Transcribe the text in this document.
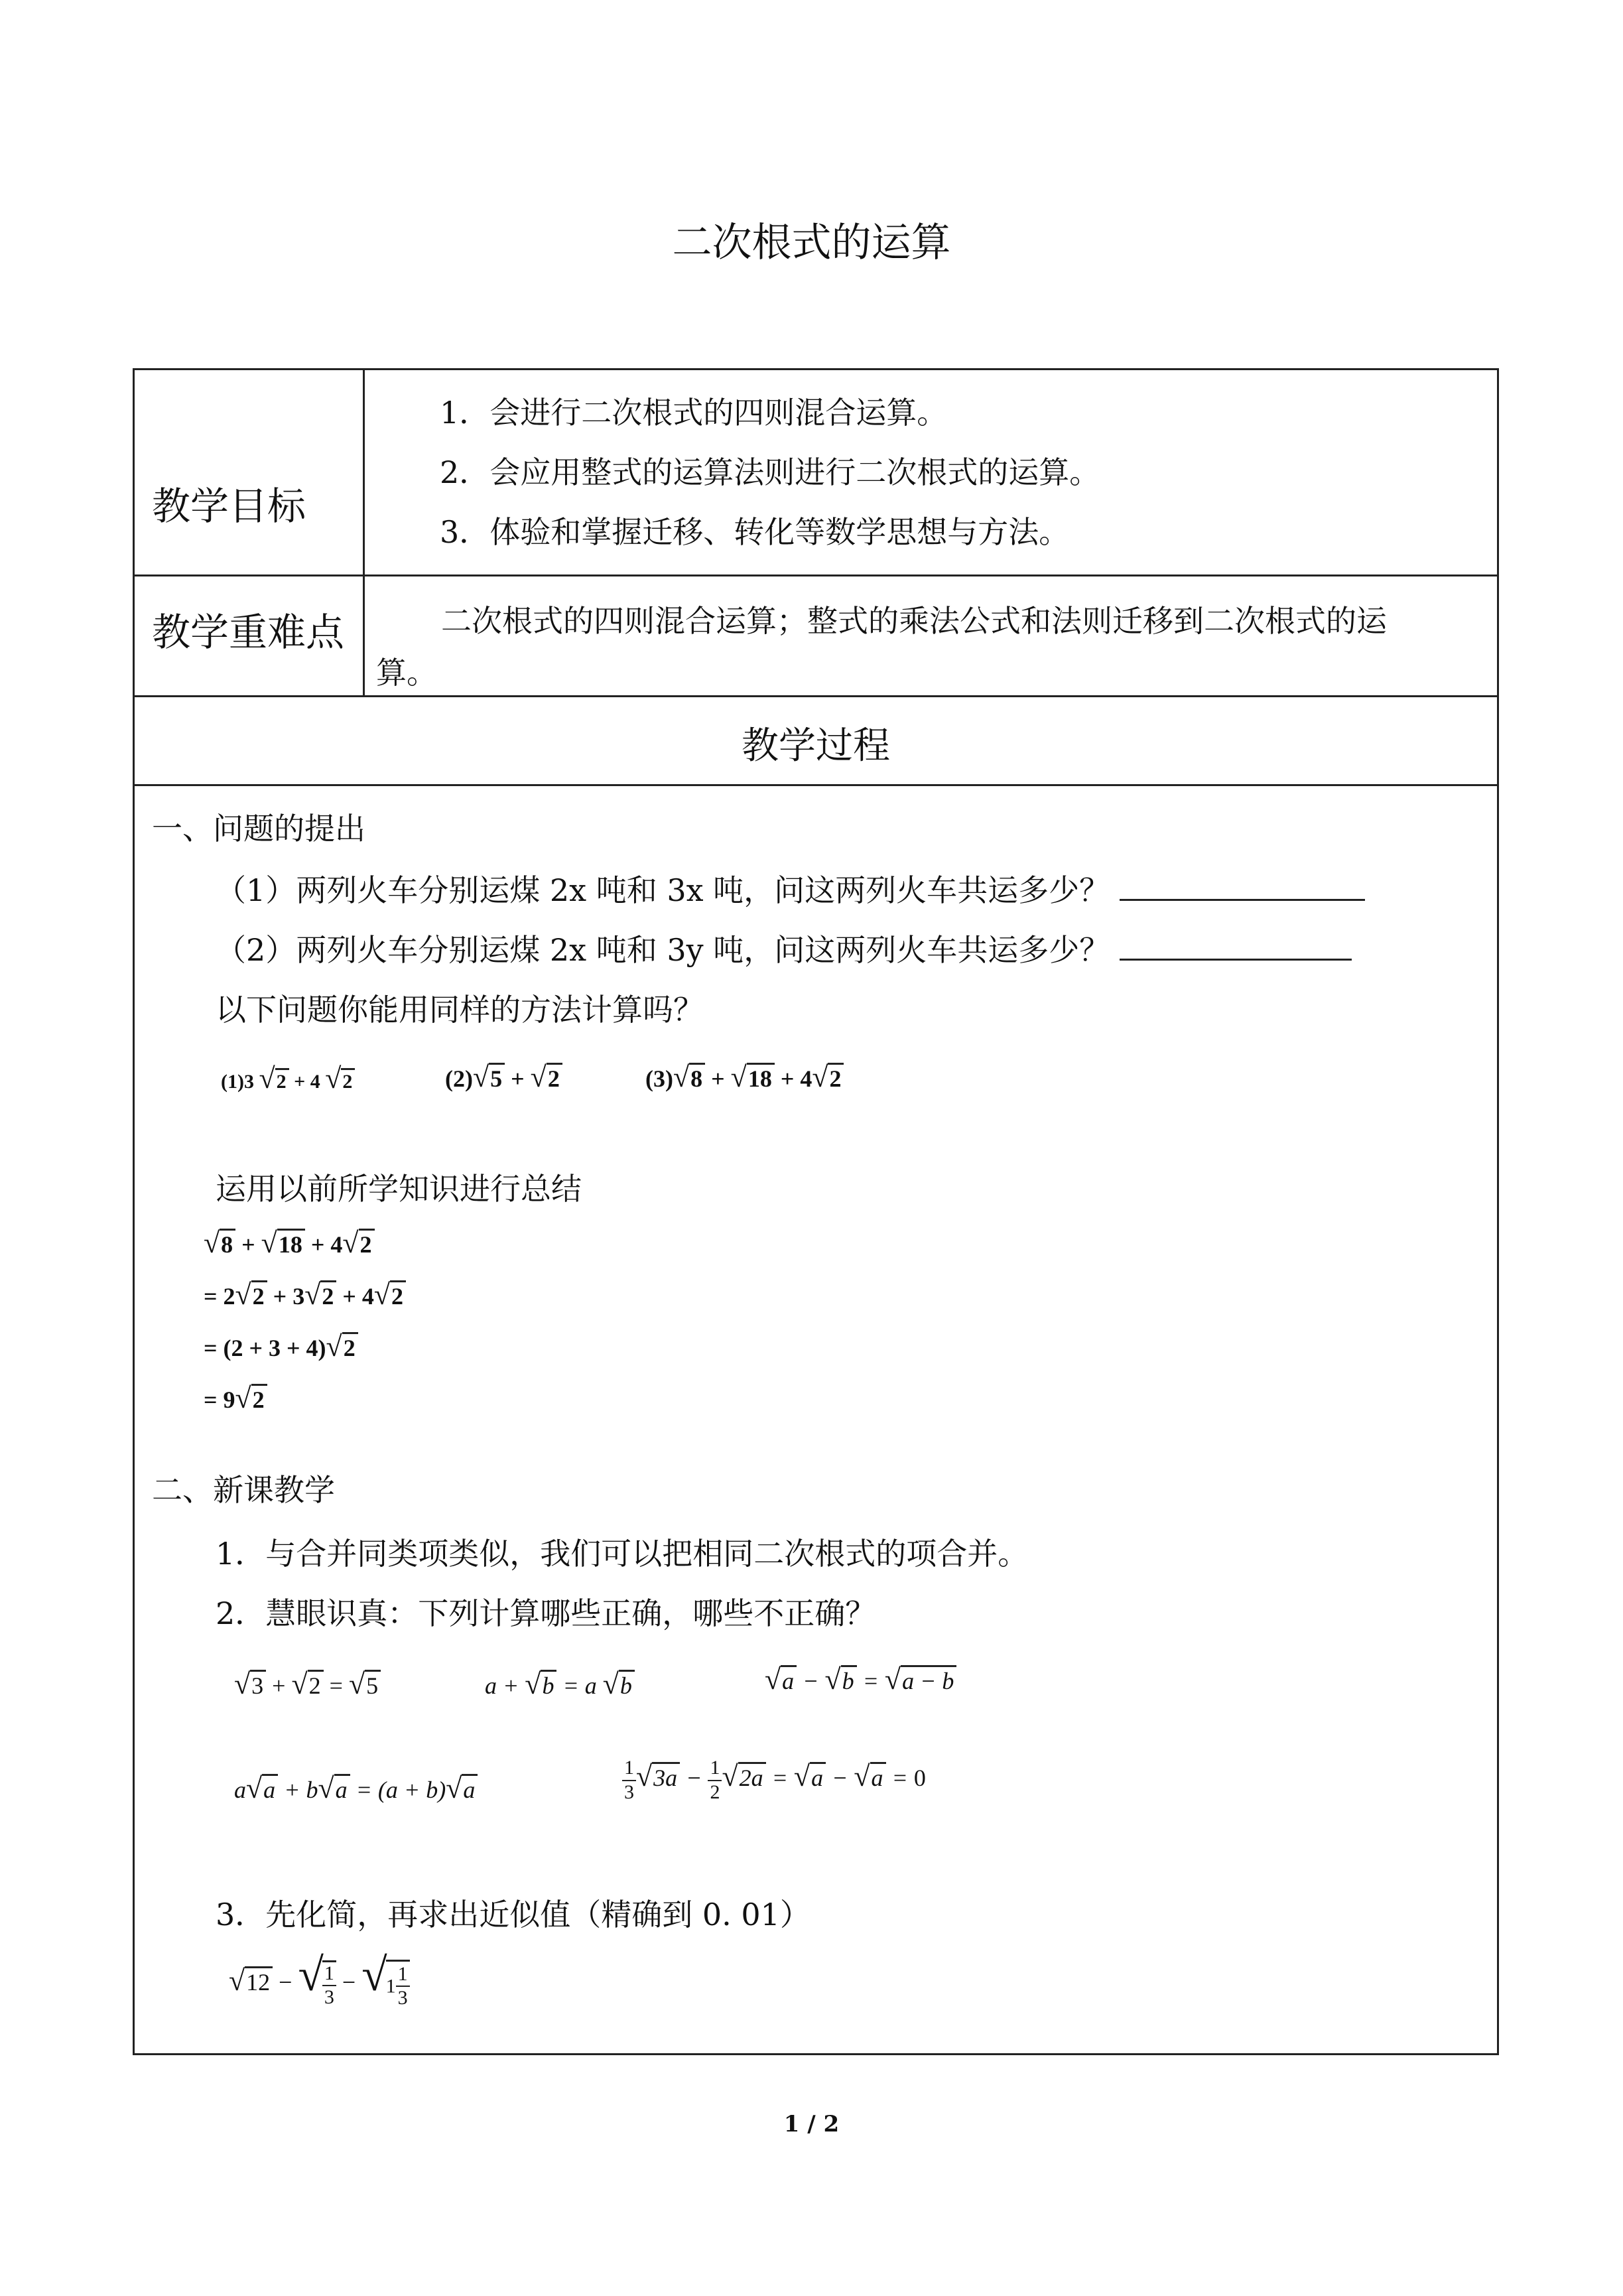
二次根式的运算
教学目标
1．会进行二次根式的四则混合运算。
2．会应用整式的运算法则进行二次根式的运算。
3．体验和掌握迁移、转化等数学思想与方法。
教学重难点	二次根式的四则混合运算；整式的乘法公式和法则迁移到二次根式的运
算。
教学过程
一、问题的提出
（1）两列火车分别运煤 2x 吨和 3x 吨，问这两列火车共运多少？
（2）两列火车分别运煤 2x 吨和 3y 吨，问这两列火车共运多少？
以下问题你能用同样的方法计算吗？
(1)3 √2 + 4 √2	(2)√5 + √2	(3)√8 + √18 + 4√2
运用以前所学知识进行总结
√8 + √18 + 4√2
= 2√2 + 3√2 + 4√2
= (2 + 3 + 4)√2
= 9√2
二、新课教学
1．与合并同类项类似，我们可以把相同二次根式的项合并。
2．慧眼识真：下列计算哪些正确，哪些不正确？
√3 + √2 = √5	a + √b = a √b	√a − √b = √a − b
a√a + b√a = (a + b)√a	$\frac{1}{3} √3a - \frac{1}{2} √2a = √a - √a = 0$
3．先化简，再求出近似值（精确到 0. 01）
√12 − √
$\frac{1}{3} - √1 \frac{1}{3}$
1 / 2
